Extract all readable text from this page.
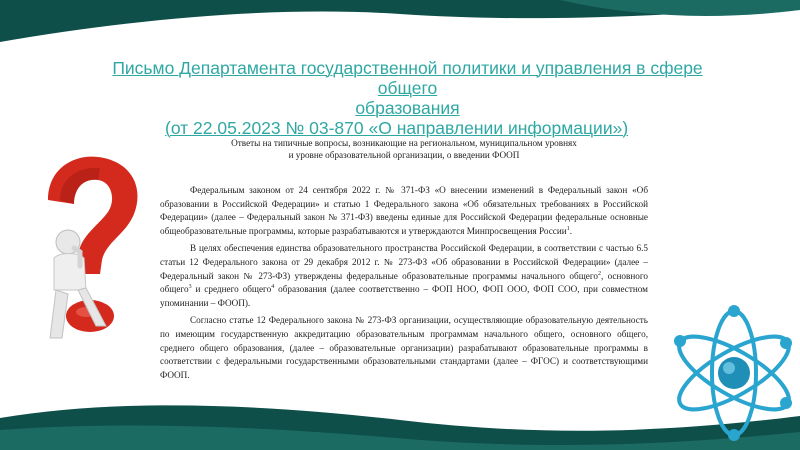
Письмо Департамента государственной политики и управления в сфере общего
образования
(от 22.05.2023 № 03-870 «О направлении информации»)
Ответы на типичные вопросы, возникающие на региональном, муниципальном уровнях
и уровне образовательной организации, о введении ФООП

Федеральным законом от 24 сентября 2022 г. № 371-ФЗ «О внесении изменений в Федеральный закон «Об образовании в Российской Федерации» и статью 1 Федерального закона «Об обязательных требованиях в Российской Федерации» (далее – Федеральный закон № 371-ФЗ) введены единые для Российской Федерации федеральные основные общеобразовательные программы, которые разрабатываются и утверждаются Минпросвещения России$^1$.

В целях обеспечения единства образовательного пространства Российской Федерации, в соответствии с частью 6.5 статьи 12 Федерального закона от 29 декабря 2012 г. № 273-ФЗ «Об образовании в Российской Федерации» (далее – Федеральный закон № 273-ФЗ) утверждены федеральные образовательные программы начального общего$^2$, основного общего$^3$ и среднего общего$^4$ образования (далее соответственно – ФОП НОО, ФОП ООО, ФОП СОО, при совместном упоминании – ФООП).

Согласно статье 12 Федерального закона № 273-ФЗ организации, осуществляющие образовательную деятельность по имеющим государственную аккредитацию образовательным программам начального общего, основного общего, среднего общего образования, (далее – образовательные организации) разрабатывают образовательные программы в соответствии с федеральными государственными образовательными стандартами (далее – ФГОС) и соответствующими ФООП.
